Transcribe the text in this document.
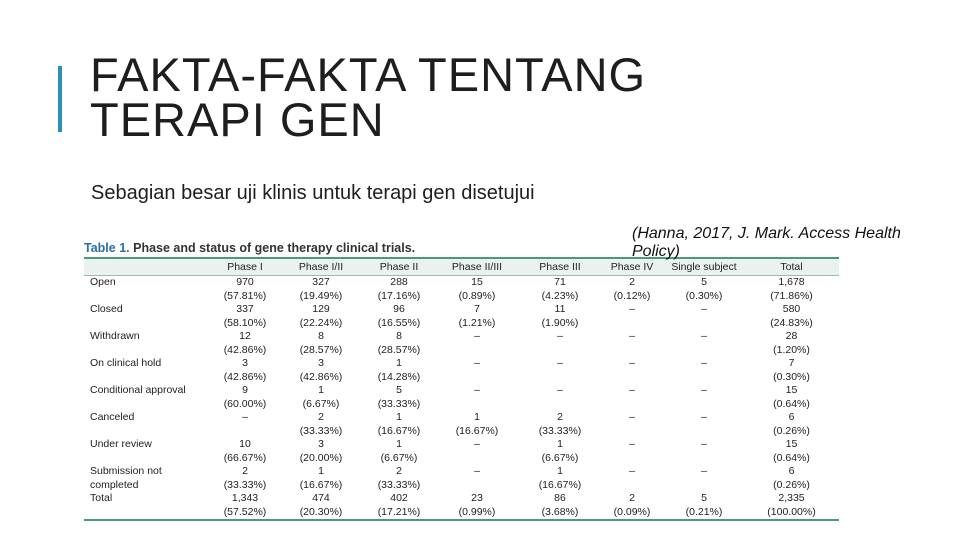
FAKTA-FAKTA TENTANG
TERAPI GEN
Sebagian besar uji klinis untuk terapi gen disetujui
Table 1. Phase and status of gene therapy clinical trials.
	Phase I	Phase I/II	Phase II	Phase II/III	Phase III	Phase IV	Single subject	Total
Open	970	327	288	15	71	2	5	1,678
	(57.81%)	(19.49%)	(17.16%)	(0.89%)	(4.23%)	(0.12%)	(0.30%)	(71.86%)
Closed	337	129	96	7	11	–	–	580
	(58.10%)	(22.24%)	(16.55%)	(1.21%)	(1.90%)			(24.83%)
Withdrawn	12	8	8	–	–	–	–	28
	(42.86%)	(28.57%)	(28.57%)					(1.20%)
On clinical hold	3	3	1	–	–	–	–	7
	(42.86%)	(42.86%)	(14.28%)					(0.30%)
Conditional approval	9	1	5	–	–	–	–	15
	(60.00%)	(6.67%)	(33.33%)					(0.64%)
Canceled	–	2	1	1	2	–	–	6
		(33.33%)	(16.67%)	(16.67%)	(33.33%)			(0.26%)
Under review	10	3	1	–	1	–	–	15
	(66.67%)	(20.00%)	(6.67%)		(6.67%)			(0.64%)
Submission not	2	1	2	–	1	–	–	6
completed	(33.33%)	(16.67%)	(33.33%)		(16.67%)			(0.26%)
Total	1,343	474	402	23	86	2	5	2,335
	(57.52%)	(20.30%)	(17.21%)	(0.99%)	(3.68%)	(0.09%)	(0.21%)	(100.00%)
(Hanna, 2017, J. Mark. Access Health Policy)
